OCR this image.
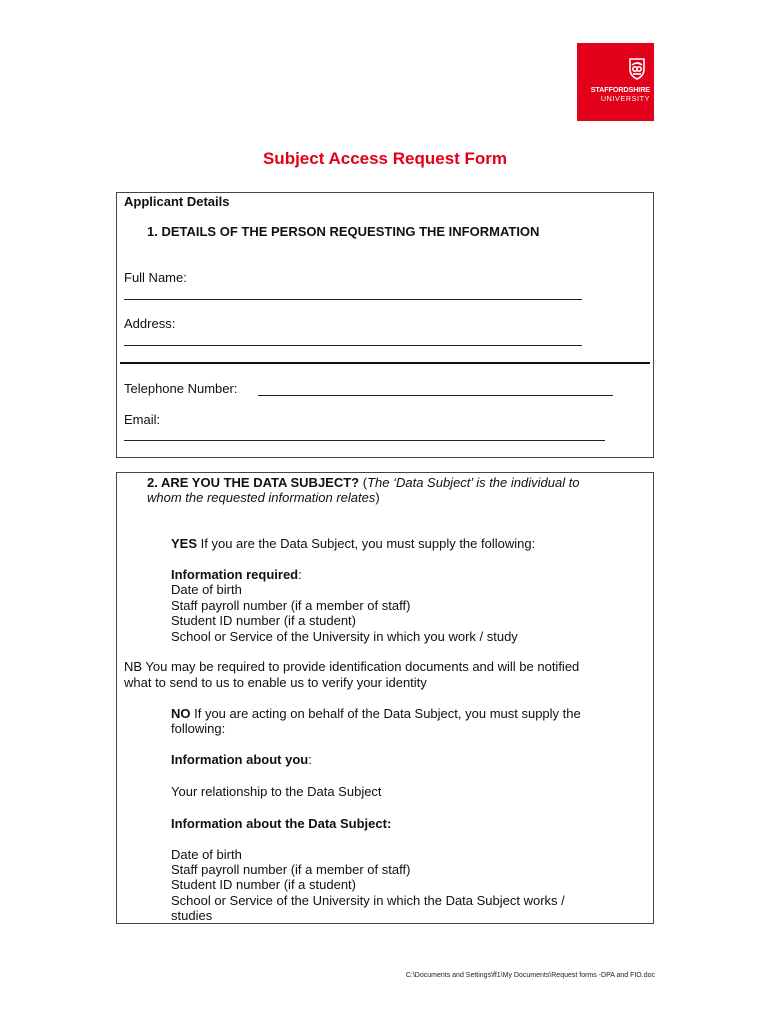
STAFFORDSHIRE
UNIVERSITY
Subject Access Request Form
Applicant Details
1. DETAILS OF THE PERSON REQUESTING THE INFORMATION
Full Name:
Address:
Telephone Number:
Email:
2. ARE YOU THE DATA SUBJECT? (The ‘Data Subject’ is the individual to
whom the requested information relates)
YES If you are the Data Subject, you must supply the following:
Information required:
Date of birth
Staff payroll number (if a member of staff)
Student ID number (if a student)
School or Service of the University in which you work / study
NB You may be required to provide identification documents and will be notified
what to send to us to enable us to verify your identity
NO If you are acting on behalf of the Data Subject, you must supply the
following:
Information about you:
Your relationship to the Data Subject
Information about the Data Subject:
Date of birth
Staff payroll number (if a member of staff)
Student ID number (if a student)
School or Service of the University in which the Data Subject works /
studies
C:\Documents and Settings\ff1\My Documents\Request forms -DPA and FIO.doc
